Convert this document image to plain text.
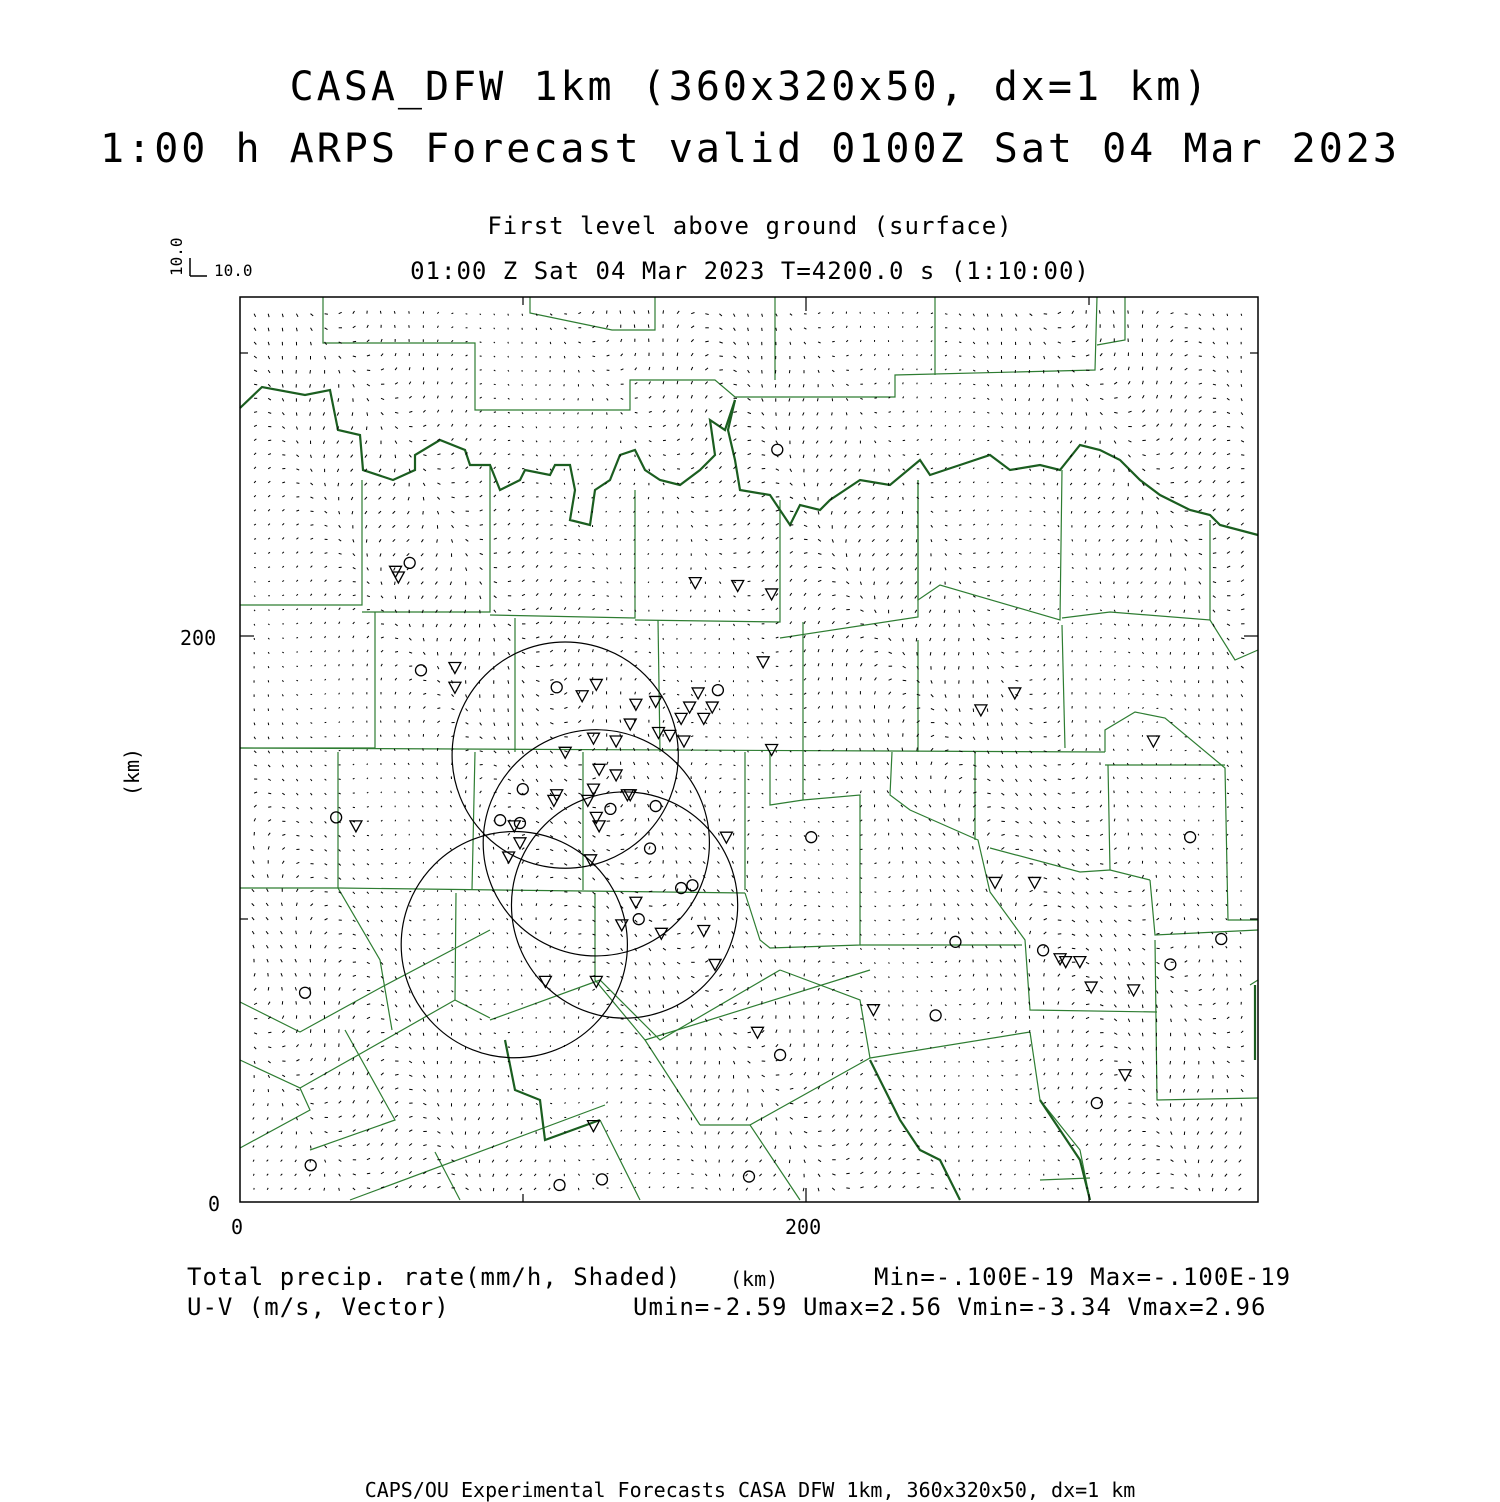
CASA_DFW 1km (360x320x50, dx=1 km)
1:00 h ARPS Forecast valid 0100Z Sat 04 Mar 2023
First level above ground (surface)
01:00 Z Sat 04 Mar 2023 T=4200.0 s (1:10:00)
10.0 10.0
0
200
0	200
(km)
(km)
Total precip. rate(mm/h, Shaded)	Min=-.100E-19 Max=-.100E-19
U-V (m/s, Vector)	Umin=-2.59 Umax=2.56 Vmin=-3.34 Vmax=2.96
CAPS/OU Experimental Forecasts CASA DFW 1km, 360x320x50, dx=1 km
